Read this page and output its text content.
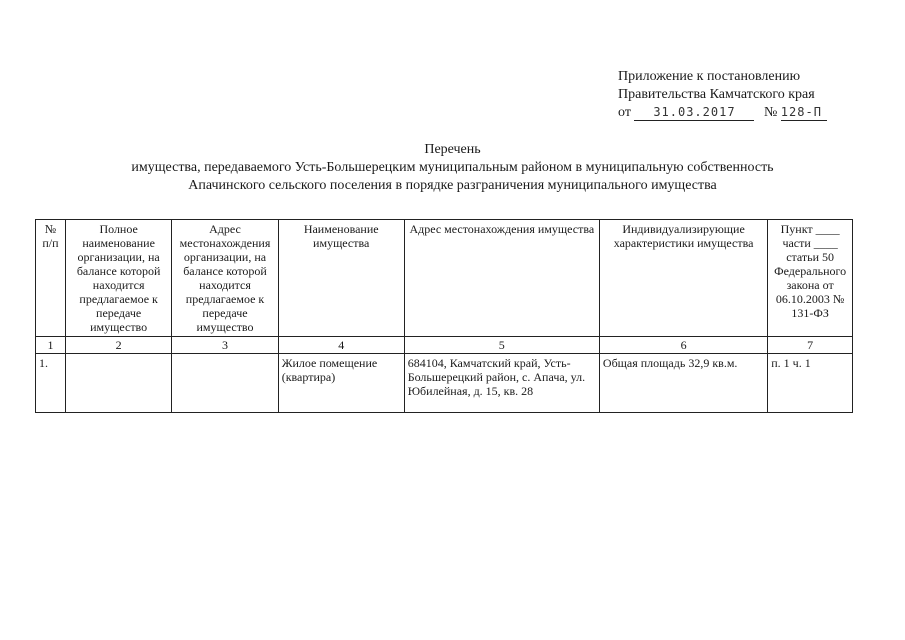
Приложение к постановлению
Правительства Камчатского края
от 31.03.2017 № 128-П
Перечень
имущества, передаваемого Усть-Большерецким муниципальным районом в муниципальную собственность
Апачинского сельского поселения в порядке разграничения муниципального имущества
№ п/п	Полное наименование организации, на балансе которой находится предлагаемое к передаче имущество	Адрес местонахождения организации, на балансе которой находится предлагаемое к передаче имущество	Наименование имущества	Адрес местонахождения имущества	Индивидуализирующие характеристики имущества	Пункт ____ части ____ статьи 50 Федерального закона от 06.10.2003 № 131-ФЗ
1	2	3	4	5	6	7
1.			Жилое помещение (квартира)	684104, Камчатский край, Усть-Большерецкий район, с. Апача, ул. Юбилейная, д. 15, кв. 28	Общая площадь 32,9 кв.м.	п. 1 ч. 1
